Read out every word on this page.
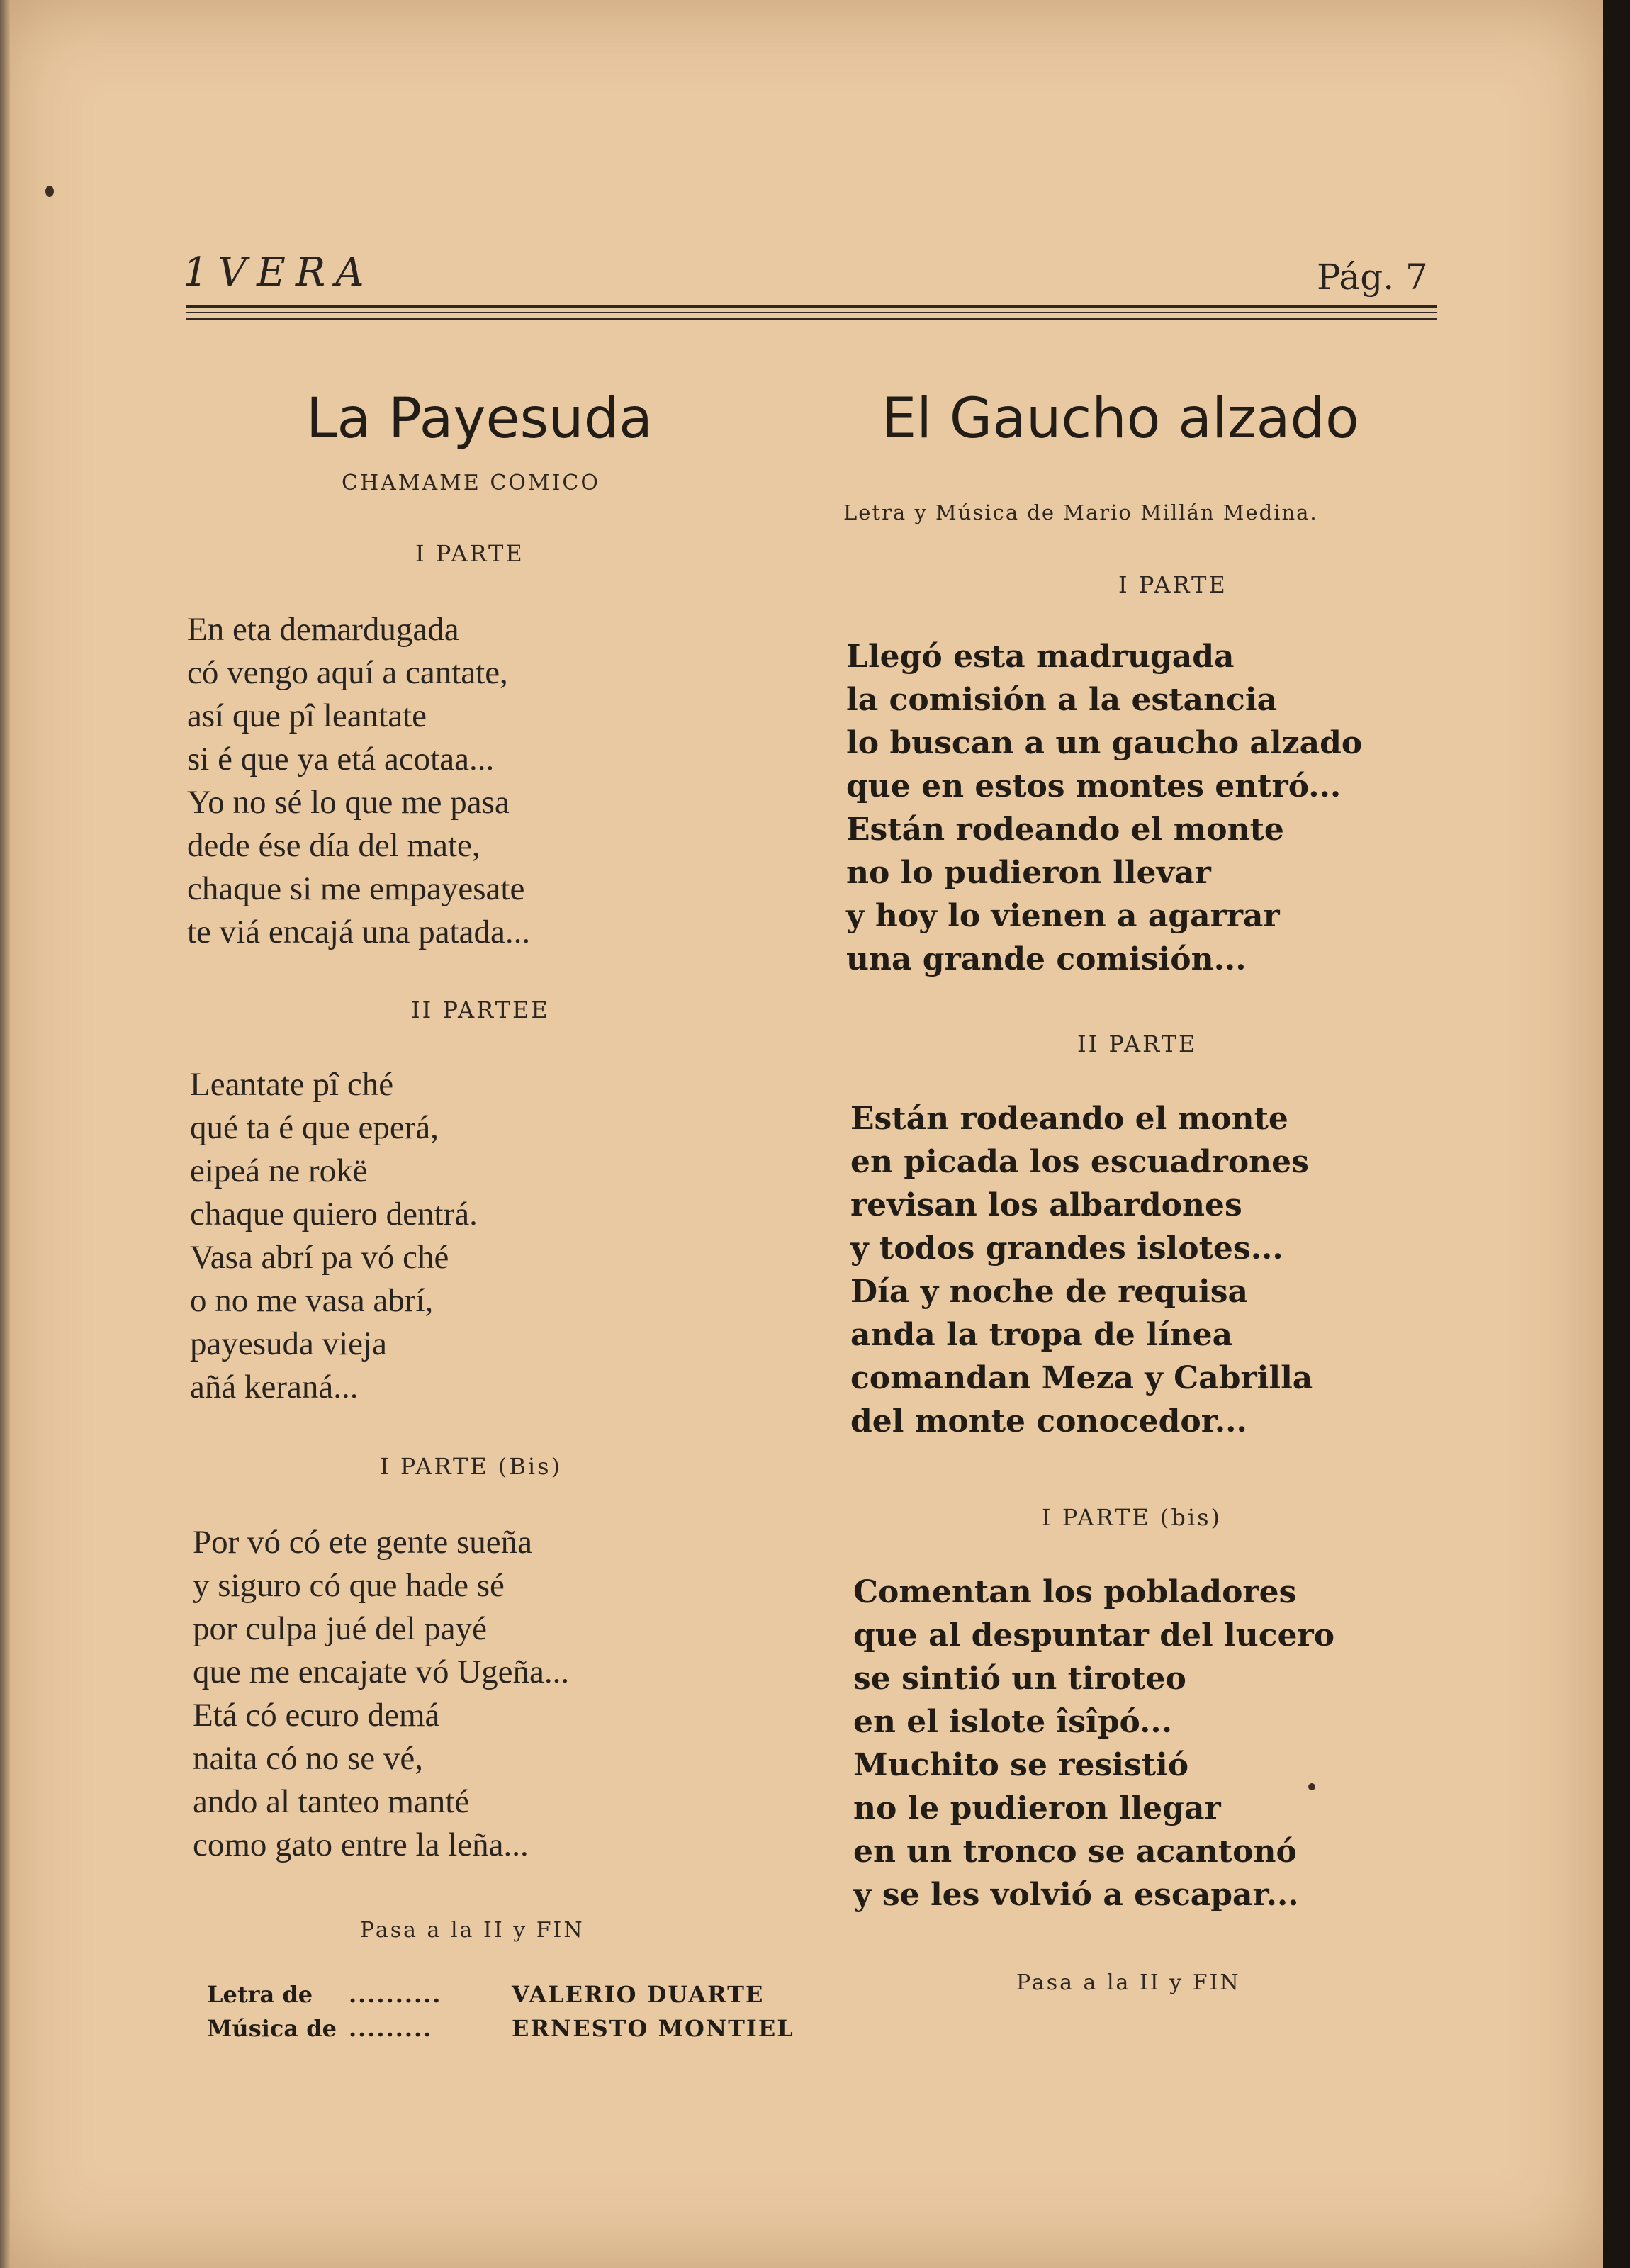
1VERA	Pág. 7
La Payesuda
CHAMAME COMICO
I PARTE
En eta demardugada
có vengo aquí a cantate,
así que pî leantate
si é que ya etá acotaa...
Yo no sé lo que me pasa
dede ése día del mate,
chaque si me empayesate
te viá encajá una patada...
II PARTEE
Leantate pî ché
qué ta é que eperá,
eipeá ne rokë
chaque quiero dentrá.
Vasa abrí pa vó ché
o no me vasa abrí,
payesuda vieja
añá keraná...
I PARTE (Bis)
Por vó có ete gente sueña
y siguro có que hade sé
por culpa jué del payé
que me encajate vó Ugeña...
Etá có ecuro demá
naita có no se vé,
ando al tanteo manté
como gato entre la leña...
Pasa a la II y FIN
Letra de	..........	VALERIO DUARTE
Música de .........	ERNESTO MONTIEL
El Gaucho alzado
Letra y Música de Mario Millán Medina.
I PARTE
Llegó esta madrugada
la comisión a la estancia
lo buscan a un gaucho alzado
que en estos montes entró...
Están rodeando el monte
no lo pudieron llevar
y hoy lo vienen a agarrar
una grande comisión...
II PARTE
Están rodeando el monte
en picada los escuadrones
revisan los albardones
y todos grandes islotes...
Día y noche de requisa
anda la tropa de línea
comandan Meza y Cabrilla
del monte conocedor...
I PARTE (bis)
Comentan los pobladores
que al despuntar del lucero
se sintió un tiroteo
en el islote îsîpó...
Muchito se resistió
no le pudieron llegar
en un tronco se acantonó
y se les volvió a escapar...
Pasa a la II y FIN
